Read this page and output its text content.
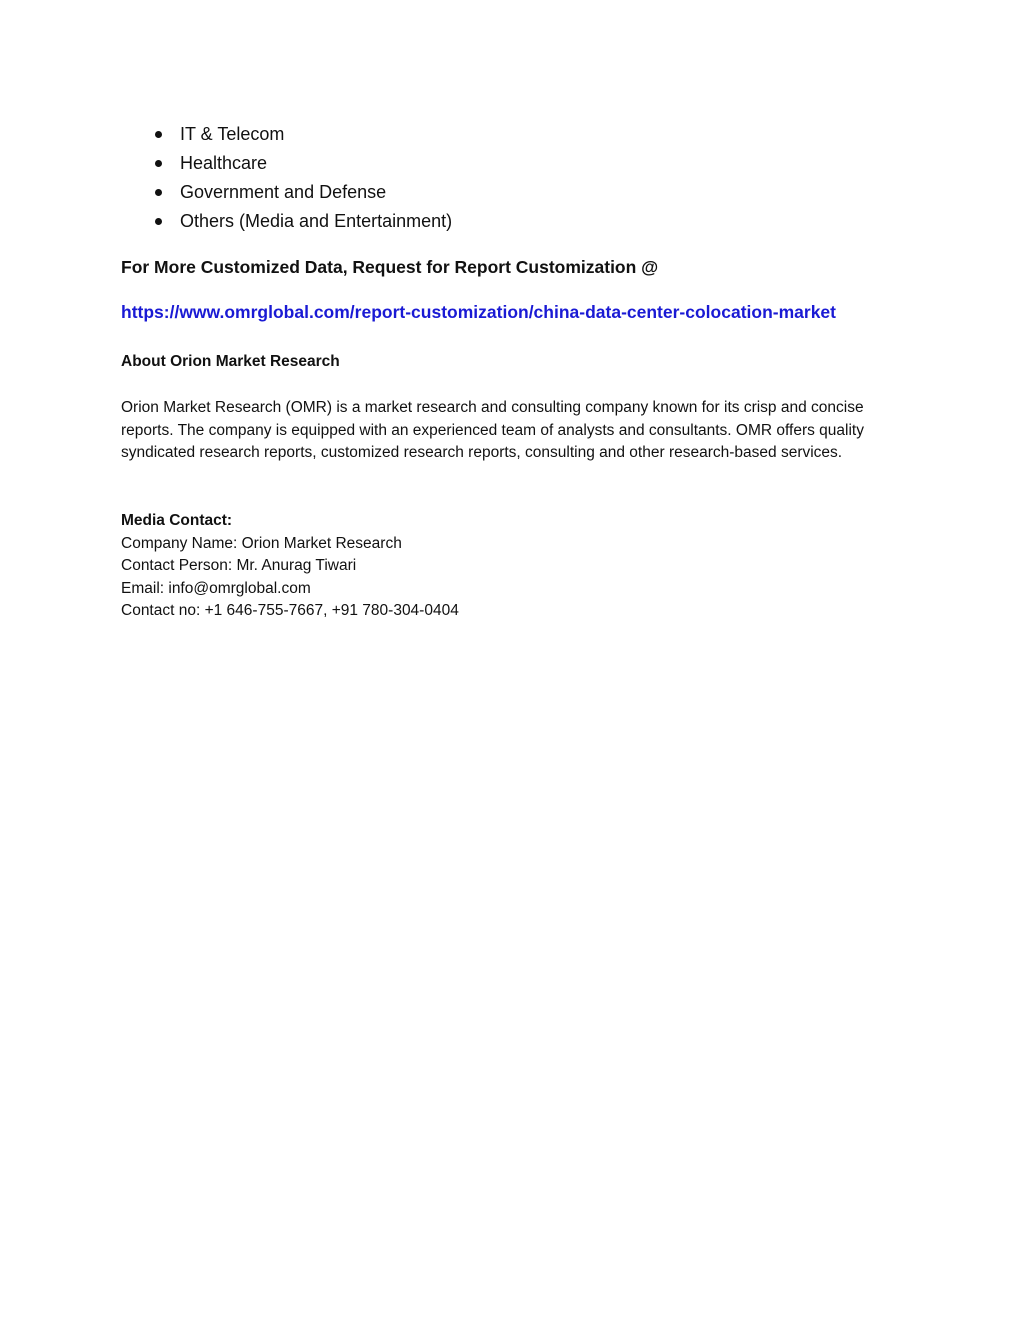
IT & Telecom
Healthcare
Government and Defense
Others (Media and Entertainment)
For More Customized Data, Request for Report Customization @
https://www.omrglobal.com/report-customization/china-data-center-colocation-market
About Orion Market Research

Orion Market Research (OMR) is a market research and consulting company known for its crisp and concise reports. The company is equipped with an experienced team of analysts and consultants. OMR offers quality syndicated research reports, customized research reports, consulting and other research-based services.

Media Contact:
Company Name: Orion Market Research
Contact Person: Mr. Anurag Tiwari
Email: info@omrglobal.com
Contact no: +1 646-755-7667, +91 780-304-0404
